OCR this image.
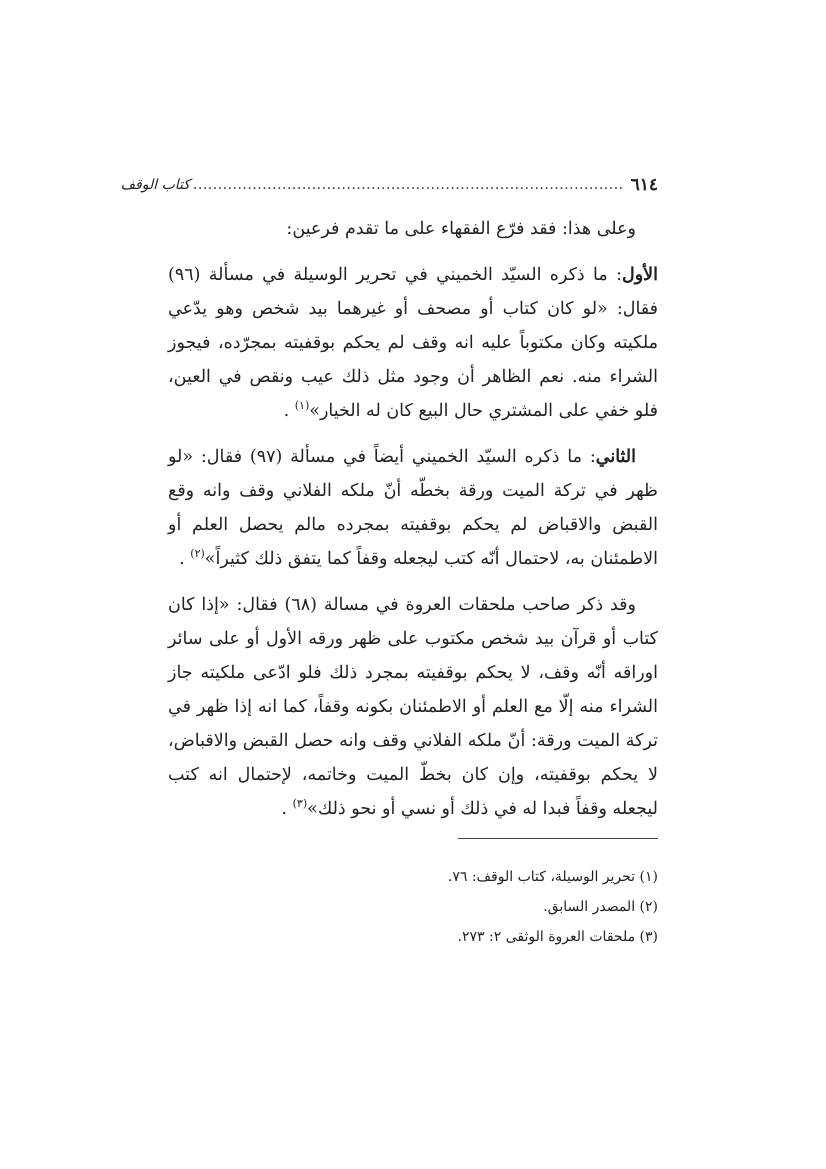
٦١٤
.......................................................................................
كتاب الوقف

وعلى هذا: فقد فرّع الفقهاء على ما تقدم فرعين:

الأول: ما ذكره السيّد الخميني في تحرير الوسيلة في مسألة (٩٦) فقال: «لو كان كتاب أو مصحف أو غيرهما بيد شخص وهو يدّعي ملكيته وكان مكتوباً عليه انه وقف لم يحكم بوقفيته بمجرّده، فيجوز الشراء منه. نعم الظاهر أن وجود مثل ذلك عيب ونقص في العين، فلو خفي على المشتري حال البيع كان له الخيار»$^{(١)}$ .

الثاني: ما ذكره السيّد الخميني أيضاً في مسألة (٩٧) فقال: «لو ظهر في تركة الميت ورقة بخطّه أنّ ملكه الفلاني وقف وانه وقع القبض والاقباض لم يحكم بوقفيته بمجرده مالم يحصل العلم أو الاطمئنان به، لاحتمال أنّه كتب ليجعله وقفاً كما يتفق ذلك كثيراً»$^{(٢)}$ .

وقد ذكر صاحب ملحقات العروة في مسالة (٦٨) فقال: «إذا كان كتاب أو قرآن بيد شخص مكتوب على ظهر ورقه الأول أو على سائر اوراقه أنّه وقف، لا يحكم بوقفيته بمجرد ذلك فلو ادّعى ملكيته جاز الشراء منه إلّا مع العلم أو الاطمئنان بكونه وقفاً، كما انه إذا ظهر في تركة الميت ورقة: أنّ ملكه الفلاني وقف وانه حصل القبض والاقباض، لا يحكم بوقفيته، وإن كان بخطّ الميت وخاتمه، لإحتمال انه كتب ليجعله وقفاً فبدا له في ذلك أو نسي أو نحو ذلك»$^{(٣)}$ .

(١) تحرير الوسيلة، كتاب الوقف: ٧٦.
(٢) المصدر السابق.
(٣) ملحقات العروة الوثقى ٢: ٢٧٣.
